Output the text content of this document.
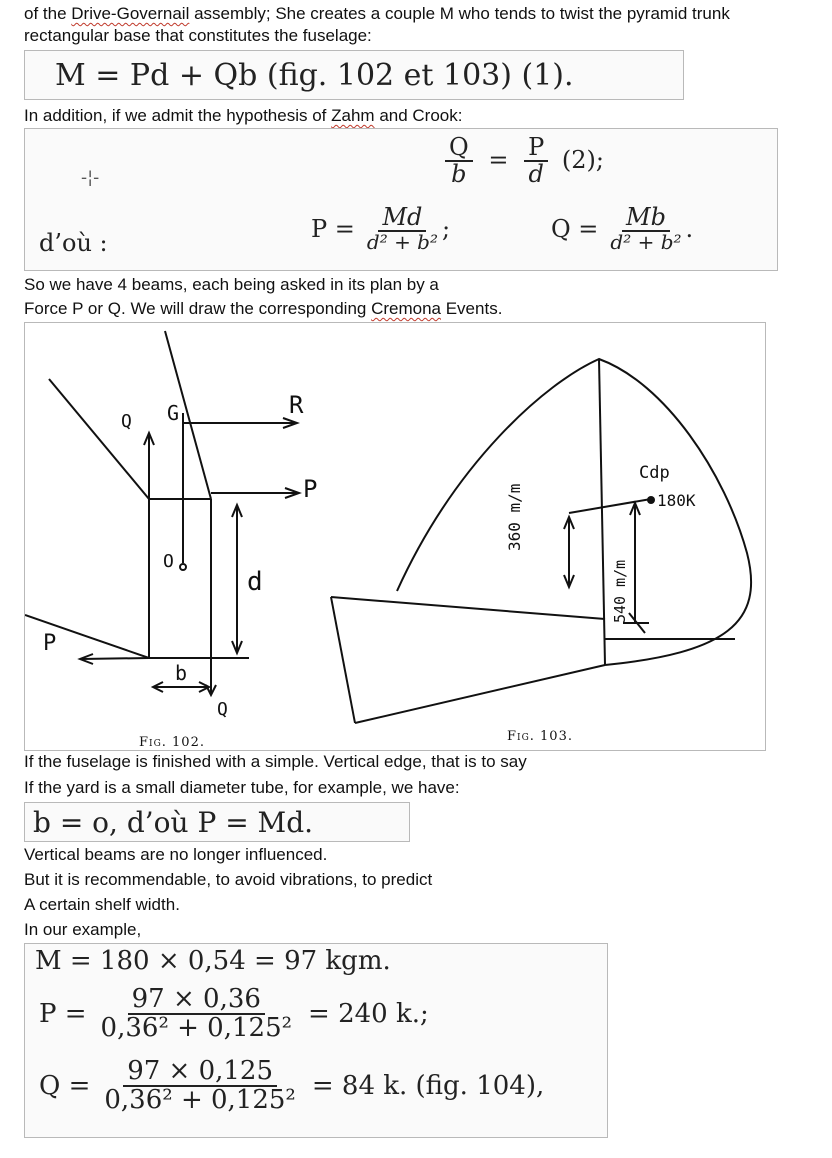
of the Drive-Governail assembly; She creates a couple M who tends to twist the pyramid trunk
rectangular base that constitutes the fuselage:
M = Pd + Qb (fig. 102 et 103) (1).
In addition, if we admit the hypothesis of Zahm and Crook:
-¦-	$\frac{Q}{b} = \frac{P}{d} (2)$;
d’où :	$P = \frac{Md}{\text{d² + b²}}$ ;	$Q = \frac{Mb}{\text{d² + b²}}$ .
So we have 4 beams, each being asked in its plan by a
Force P or Q. We will draw the corresponding Cremona Events.
Q G	R
P
O
d
P
b
Q
360 m/m
Cdp
180K
540 m/m
Fig. 102.	Fig. 103.
If the fuselage is finished with a simple. Vertical edge, that is to say
If the yard is a small diameter tube, for example, we have:
b = o, d’où P = Md.
Vertical beams are no longer influenced.
But it is recommendable, to avoid vibrations, to predict
A certain shelf width.
In our example,
M = 180 × 0,54 = 97 kgm.
$P = \frac{97 \times 0,36}{\text{0,36² + 0,125²}} = 240$ k.;
$Q = \frac{97 \times 0,125}{\text{0,36² + 0,125²}} = 84$ k. (fig. 104),
